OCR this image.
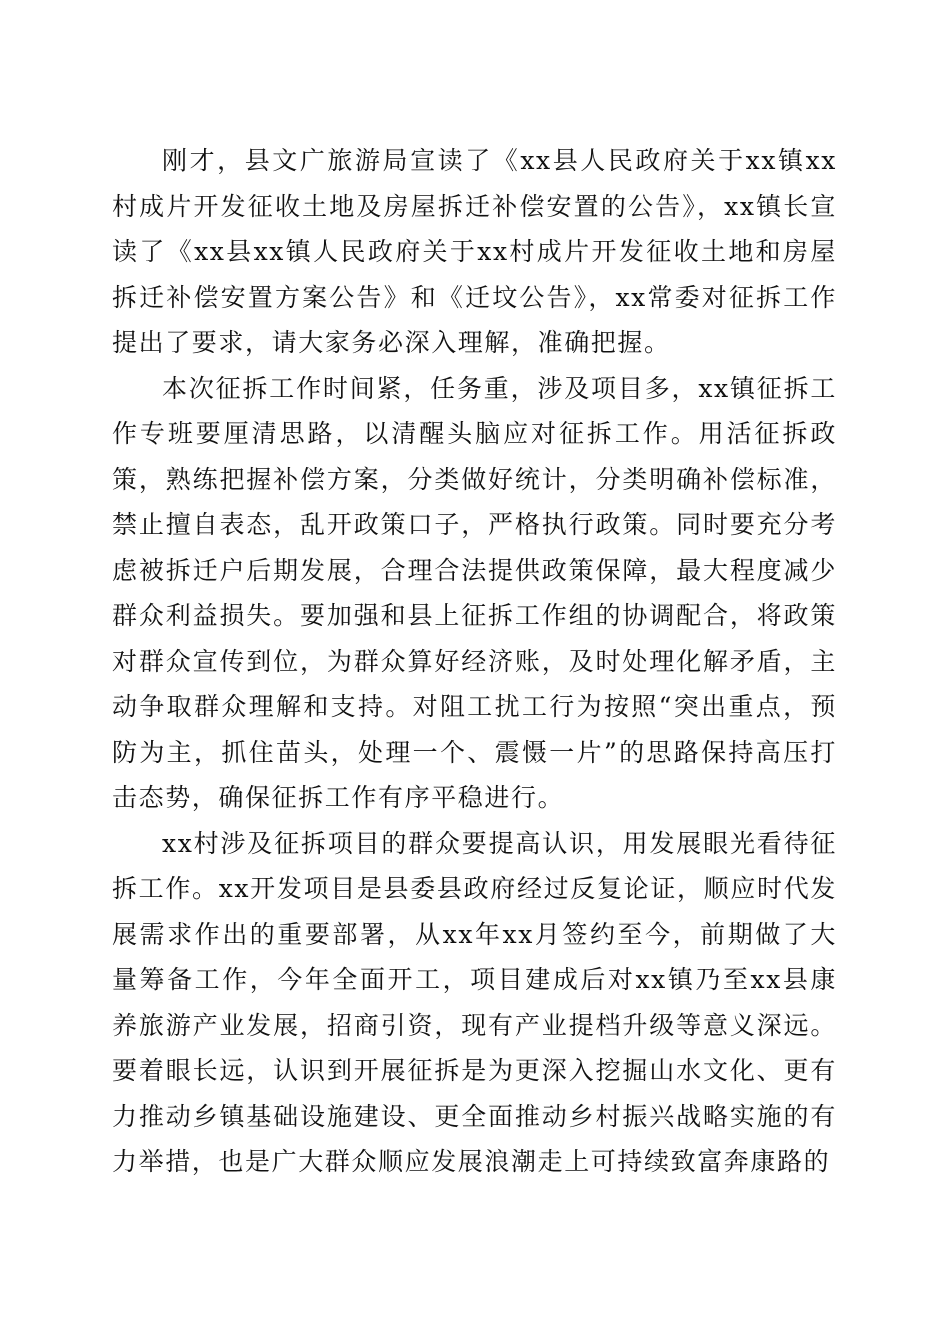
刚才，县文广旅游局宣读了《xx县人民政府关于xx镇xx村成片开发征收土地及房屋拆迁补偿安置的公告》，xx镇长宣读了《xx县xx镇人民政府关于xx村成片开发征收土地和房屋拆迁补偿安置方案公告》和《迁坟公告》，xx常委对征拆工作提出了要求，请大家务必深入理解，准确把握。

本次征拆工作时间紧，任务重，涉及项目多，xx镇征拆工作专班要厘清思路，以清醒头脑应对征拆工作。用活征拆政策，熟练把握补偿方案，分类做好统计，分类明确补偿标准，禁止擅自表态，乱开政策口子，严格执行政策。同时要充分考虑被拆迁户后期发展，合理合法提供政策保障，最大程度减少群众利益损失。要加强和县上征拆工作组的协调配合，将政策对群众宣传到位，为群众算好经济账，及时处理化解矛盾，主动争取群众理解和支持。对阻工扰工行为按照“突出重点，预防为主，抓住苗头，处理一个、震慑一片”的思路保持高压打击态势，确保征拆工作有序平稳进行。

xx村涉及征拆项目的群众要提高认识，用发展眼光看待征拆工作。xx开发项目是县委县政府经过反复论证，顺应时代发展需求作出的重要部署，从xx年xx月签约至今，前期做了大量筹备工作，今年全面开工，项目建成后对xx镇乃至xx县康养旅游产业发展，招商引资，现有产业提档升级等意义深远。要着眼长远，认识到开展征拆是为更深入挖掘山水文化、更有力推动乡镇基础设施建设、更全面推动乡村振兴战略实施的有力举措，也是广大群众顺应发展浪潮走上可持续致富奔康路的
